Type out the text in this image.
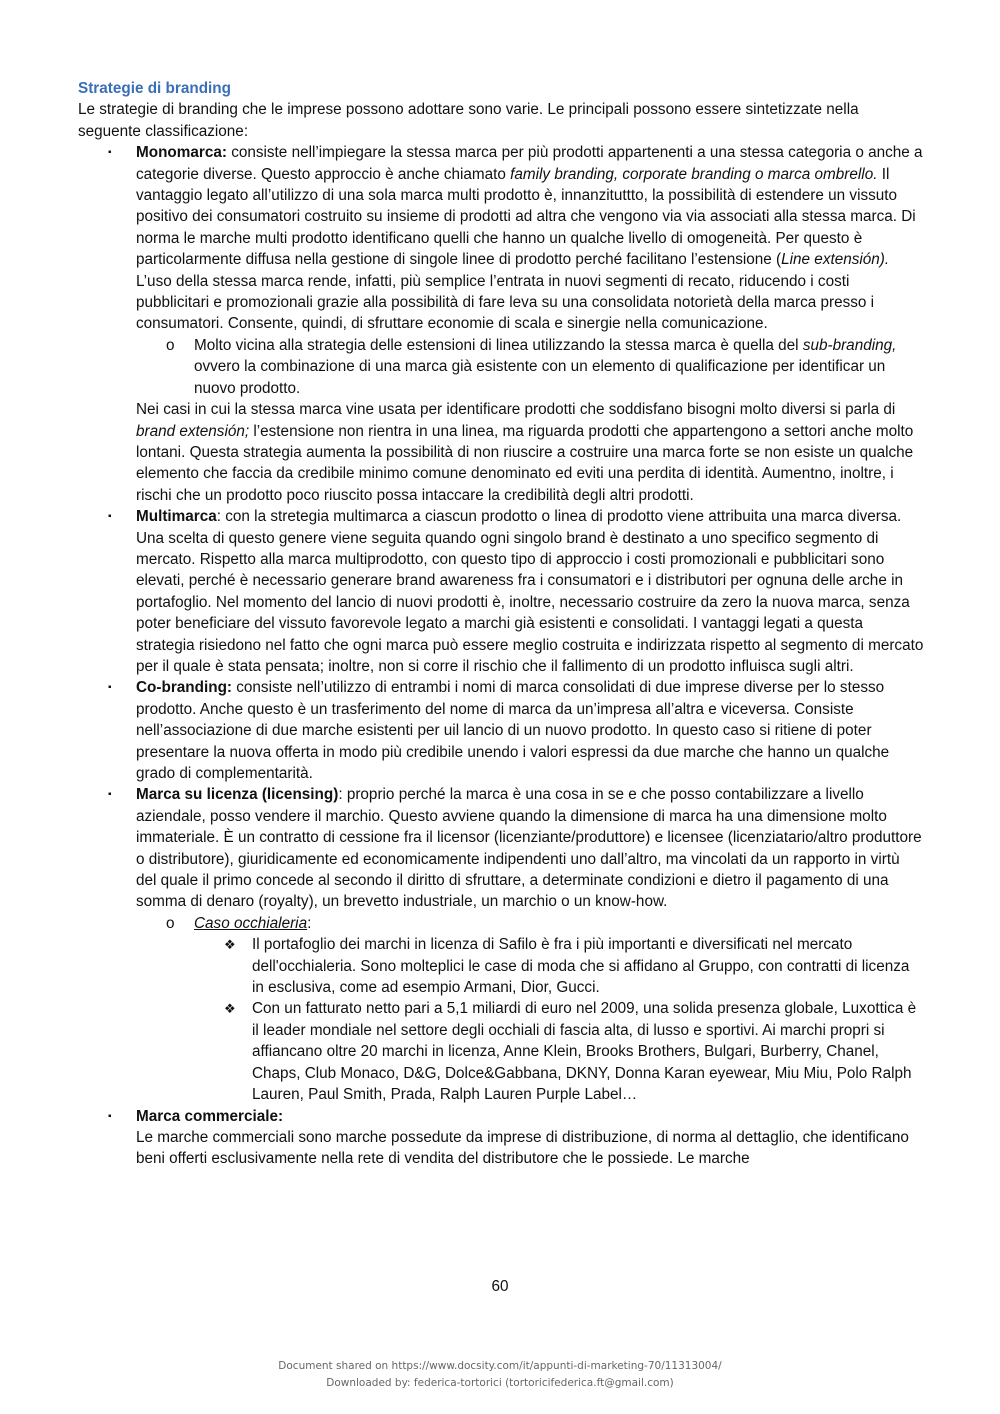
Strategie di branding

Le strategie di branding che le imprese possono adottare sono varie. Le principali possono essere sintetizzate nella seguente classificazione:

▪ Monomarca: consiste nell’impiegare la stessa marca per più prodotti appartenenti a una stessa categoria o anche a categorie diverse. Questo approccio è anche chiamato family branding, corporate branding o marca ombrello. Il vantaggio legato all’utilizzo di una sola marca multi prodotto è, innanzituttto, la possibilità di estendere un vissuto positivo dei consumatori costruito su insieme di prodotti ad altra che vengono via via associati alla stessa marca. Di norma le marche multi prodotto identificano quelli che hanno un qualche livello di omogeneità. Per questo è particolarmente diffusa nella gestione di singole linee di prodotto perché facilitano l’estensione (Line extensión). L’uso della stessa marca rende, infatti, più semplice l’entrata in nuovi segmenti di recato, riducendo i costi pubblicitari e promozionali grazie alla possibilità di fare leva su una consolidata notorietà della marca presso i consumatori. Consente, quindi, di sfruttare economie di scala e sinergie nella comunicazione.
o Molto vicina alla strategia delle estensioni di linea utilizzando la stessa marca è quella del sub-branding, ovvero la combinazione di una marca già esistente con un elemento di qualificazione per identificar un nuovo prodotto.
Nei casi in cui la stessa marca vine usata per identificare prodotti che soddisfano bisogni molto diversi si parla di brand extensión; l’estensione non rientra in una linea, ma riguarda prodotti che appartengono a settori anche molto lontani. Questa strategia aumenta la possibilità di non riuscire a costruire una marca forte se non esiste un qualche elemento che faccia da credibile minimo comune denominato ed eviti una perdita di identità. Aumentno, inoltre, i rischi che un prodotto poco riuscito possa intaccare la credibilità degli altri prodotti.
▪ Multimarca: con la stretegia multimarca a ciascun prodotto o linea di prodotto viene attribuita una marca diversa. Una scelta di questo genere viene seguita quando ogni singolo brand è destinato a uno specifico segmento di mercato. Rispetto alla marca multiprodotto, con questo tipo di approccio i costi promozionali e pubblicitari sono elevati, perché è necessario generare brand awareness fra i consumatori e i distributori per ognuna delle arche in portafoglio. Nel momento del lancio di nuovi prodotti è, inoltre, necessario costruire da zero la nuova marca, senza poter beneficiare del vissuto favorevole legato a marchi già esistenti e consolidati. I vantaggi legati a questa strategia risiedono nel fatto che ogni marca può essere meglio costruita e indirizzata rispetto al segmento di mercato per il quale è stata pensata; inoltre, non si corre il rischio che il fallimento di un prodotto influisca sugli altri.
▪ Co-branding: consiste nell’utilizzo di entrambi i nomi di marca consolidati di due imprese diverse per lo stesso prodotto. Anche questo è un trasferimento del nome di marca da un’impresa all’altra e viceversa. Consiste nell’associazione di due marche esistenti per uil lancio di un nuovo prodotto. In questo caso si ritiene di poter presentare la nuova offerta in modo più credibile unendo i valori espressi da due marche che hanno un qualche grado di complementarità.
▪ Marca su licenza (licensing): proprio perché la marca è una cosa in se e che posso contabilizzare a livello aziendale, posso vendere il marchio. Questo avviene quando la dimensione di marca ha una dimensione molto immateriale. È un contratto di cessione fra il licensor (licenziante/produttore) e licensee (licenziatario/altro produttore o distributore), giuridicamente ed economicamente indipendenti uno dall’altro, ma vincolati da un rapporto in virtù del quale il primo concede al secondo il diritto di sfruttare, a determinate condizioni e dietro il pagamento di una somma di denaro (royalty), un brevetto industriale, un marchio o un know-how.
o Caso occhialeria:
❖ Il portafoglio dei marchi in licenza di Safilo è fra i più importanti e diversificati nel mercato dell'occhialeria. Sono molteplici le case di moda che si affidano al Gruppo, con contratti di licenza in esclusiva, come ad esempio Armani, Dior, Gucci.
❖ Con un fatturato netto pari a 5,1 miliardi di euro nel 2009, una solida presenza globale, Luxottica è il leader mondiale nel settore degli occhiali di fascia alta, di lusso e sportivi. Ai marchi propri si affiancano oltre 20 marchi in licenza, Anne Klein, Brooks Brothers, Bulgari, Burberry, Chanel, Chaps, Club Monaco, D&G, Dolce&Gabbana, DKNY, Donna Karan eyewear, Miu Miu, Polo Ralph Lauren, Paul Smith, Prada, Ralph Lauren Purple Label…
▪ Marca commerciale:
Le marche commerciali sono marche possedute da imprese di distribuzione, di norma al dettaglio, che identificano beni offerti esclusivamente nella rete di vendita del distributore che le possiede. Le marche
60
Document shared on https://www.docsity.com/it/appunti-di-marketing-70/11313004/
Downloaded by: federica-tortorici (tortoricifederica.ft@gmail.com)
